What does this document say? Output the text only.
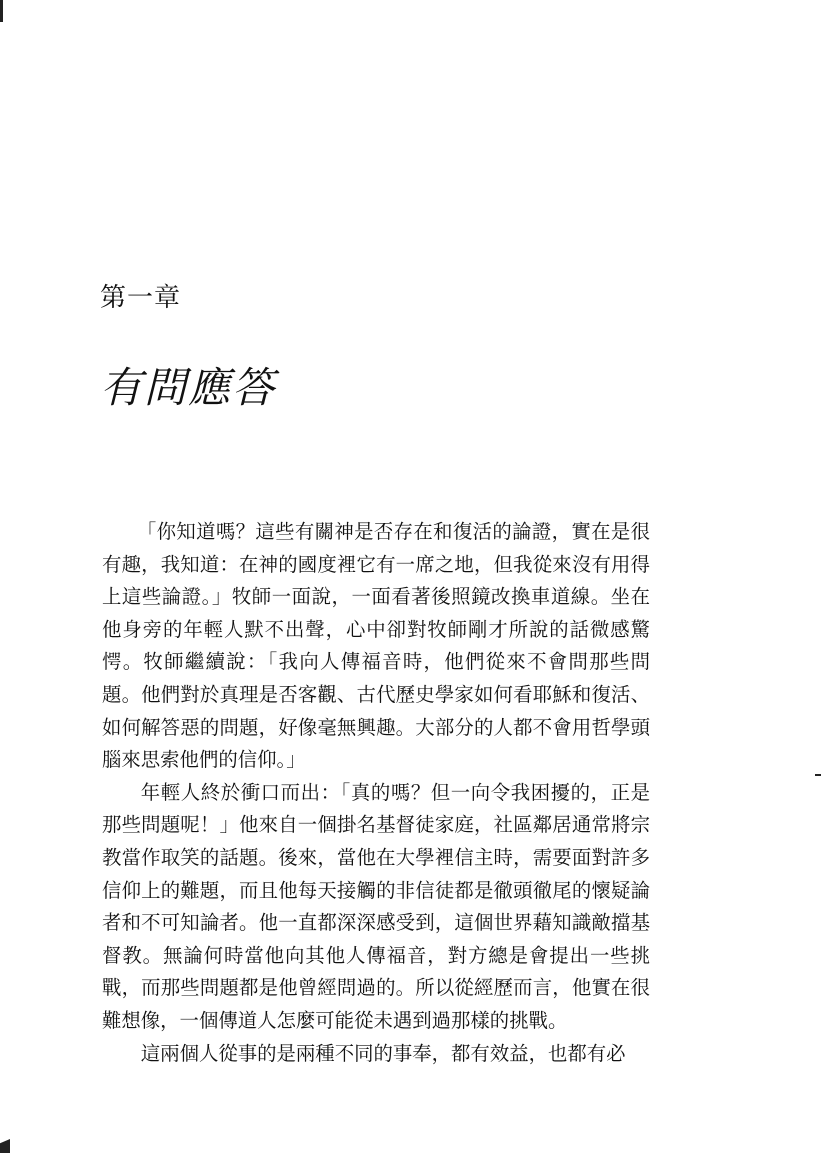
第一章
有問應答

「你知道嗎？這些有關神是否存在和復活的論證，實在是很有趣，我知道：在神的國度裡它有一席之地，但我從來沒有用得上這些論證。」牧師一面說，一面看著後照鏡改換車道線。坐在他身旁的年輕人默不出聲，心中卻對牧師剛才所說的話微感驚愕。牧師繼續說：「我向人傳福音時，他們從來不會問那些問題。他們對於真理是否客觀、古代歷史學家如何看耶穌和復活、如何解答惡的問題，好像毫無興趣。大部分的人都不會用哲學頭腦來思索他們的信仰。」

年輕人終於衝口而出：「真的嗎？但一向令我困擾的，正是那些問題呢！」他來自一個掛名基督徒家庭，社區鄰居通常將宗教當作取笑的話題。後來，當他在大學裡信主時，需要面對許多信仰上的難題，而且他每天接觸的非信徒都是徹頭徹尾的懷疑論者和不可知論者。他一直都深深感受到，這個世界藉知識敵擋基督教。無論何時當他向其他人傳福音，對方總是會提出一些挑戰，而那些問題都是他曾經問過的。所以從經歷而言，他實在很難想像，一個傳道人怎麼可能從未遇到過那樣的挑戰。

這兩個人從事的是兩種不同的事奉，都有效益，也都有必
